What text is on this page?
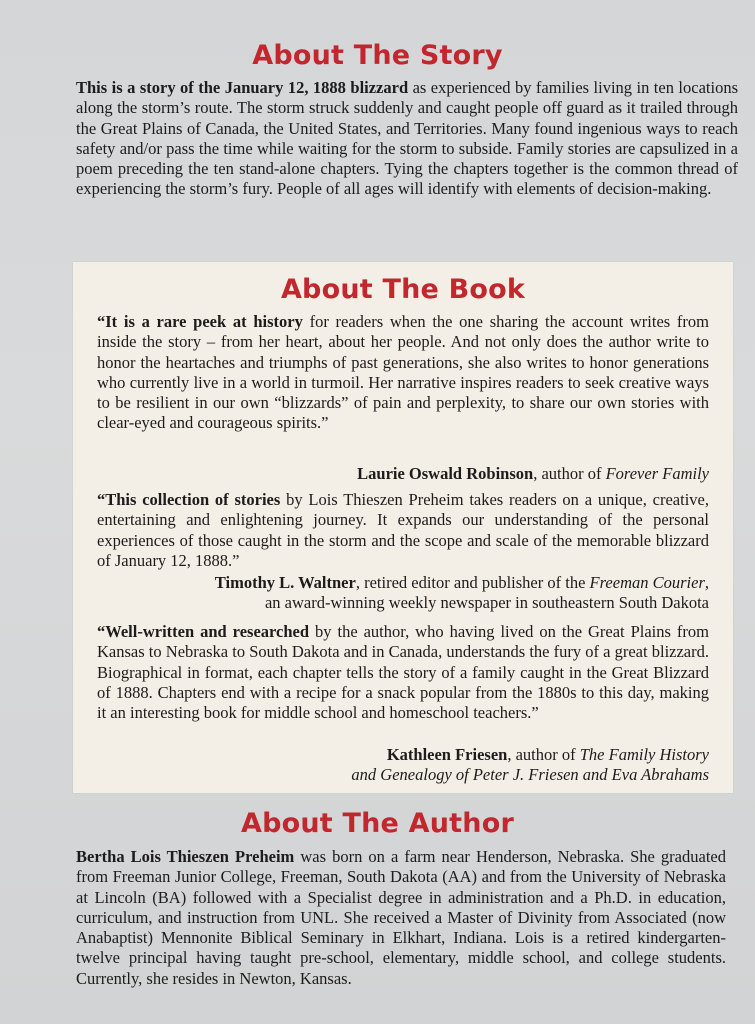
About The Story

This is a story of the January 12, 1888 blizzard as experienced by families living in ten locations along the storm’s route. The storm struck suddenly and caught people off guard as it trailed through the Great Plains of Canada, the United States, and Territories. Many found ingenious ways to reach safety and/or pass the time while waiting for the storm to subside. Family stories are capsulized in a poem preceding the ten stand-alone chapters. Tying the chapters together is the common thread of experiencing the storm’s fury. People of all ages will identify with elements of decision-making.

About The Book

“It is a rare peek at history for readers when the one sharing the account writes from inside the story – from her heart, about her people. And not only does the author write to honor the heartaches and triumphs of past generations, she also writes to honor generations who currently live in a world in turmoil. Her narrative inspires readers to seek creative ways to be resilient in our own “blizzards” of pain and perplexity, to share our own stories with clear-eyed and courageous spirits.”

Laurie Oswald Robinson, author of Forever Family

“This collection of stories by Lois Thieszen Preheim takes readers on a unique, creative, entertaining and enlightening journey. It expands our understanding of the personal experiences of those caught in the storm and the scope and scale of the memorable blizzard of January 12, 1888.”

Timothy L. Waltner, retired editor and publisher of the Freeman Courier,
an award-winning weekly newspaper in southeastern South Dakota

“Well-written and researched by the author, who having lived on the Great Plains from Kansas to Nebraska to South Dakota and in Canada, understands the fury of a great blizzard. Biographical in format, each chapter tells the story of a family caught in the Great Blizzard of 1888. Chapters end with a recipe for a snack popular from the 1880s to this day, making it an interesting book for middle school and homeschool teachers.”

Kathleen Friesen, author of The Family History
and Genealogy of Peter J. Friesen and Eva Abrahams
About The Author

Bertha Lois Thieszen Preheim was born on a farm near Henderson, Nebraska. She graduated from Freeman Junior College, Freeman, South Dakota (AA) and from the University of Nebraska at Lincoln (BA) followed with a Specialist degree in administration and a Ph.D. in education, curriculum, and instruction from UNL. She received a Master of Divinity from Associated (now Anabaptist) Mennonite Biblical Seminary in Elkhart, Indiana. Lois is a retired kindergarten-twelve principal having taught pre-school, elementary, middle school, and college students. Currently, she resides in Newton, Kansas.
